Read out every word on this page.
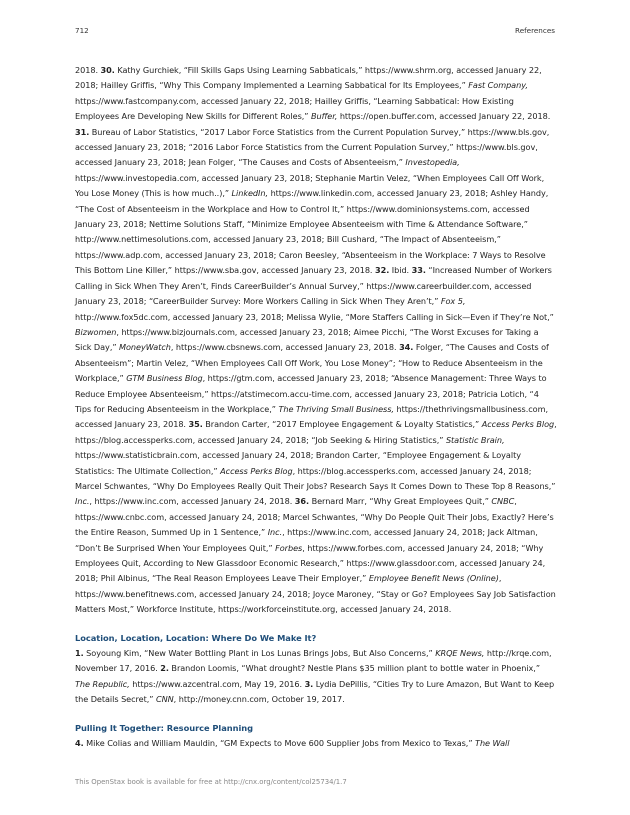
712	References

2018. 30. Kathy Gurchiek, “Fill Skills Gaps Using Learning Sabbaticals,” https://www.shrm.org, accessed January 22, 2018; Hailley Griffis, “Why This Company Implemented a Learning Sabbatical for Its Employees,” Fast Company, https://www.fastcompany.com, accessed January 22, 2018; Hailley Griffis, “Learning Sabbatical: How Existing Employees Are Developing New Skills for Different Roles,” Buffer, https://open.buffer.com, accessed January 22, 2018. 31. Bureau of Labor Statistics, “2017 Labor Force Statistics from the Current Population Survey,” https://www.bls.gov, accessed January 23, 2018; “2016 Labor Force Statistics from the Current Population Survey,” https://www.bls.gov, accessed January 23, 2018; Jean Folger, “The Causes and Costs of Absenteeism,” Investopedia, https://www.investopedia.com, accessed January 23, 2018; Stephanie Martin Velez, “When Employees Call Off Work, You Lose Money (This is how much..),” LinkedIn, https://www.linkedin.com, accessed January 23, 2018; Ashley Handy, “The Cost of Absenteeism in the Workplace and How to Control It,” https://www.dominionsystems.com, accessed January 23, 2018; Nettime Solutions Staff, “Minimize Employee Absenteeism with Time & Attendance Software,” http://www.nettimesolutions.com, accessed January 23, 2018; Bill Cushard, “The Impact of Absenteeism,” https://www.adp.com, accessed January 23, 2018; Caron Beesley, “Absenteeism in the Workplace: 7 Ways to Resolve This Bottom Line Killer,” https://www.sba.gov, accessed January 23, 2018. 32. Ibid. 33. “Increased Number of Workers Calling in Sick When They Aren’t, Finds CareerBuilder’s Annual Survey,” https://www.careerbuilder.com, accessed January 23, 2018; “CareerBuilder Survey: More Workers Calling in Sick When They Aren’t,” Fox 5, http://www.fox5dc.com, accessed January 23, 2018; Melissa Wylie, “More Staffers Calling in Sick—Even if They’re Not,” Bizwomen, https://www.bizjournals.com, accessed January 23, 2018; Aimee Picchi, “The Worst Excuses for Taking a Sick Day,” MoneyWatch, https://www.cbsnews.com, accessed January 23, 2018. 34. Folger, “The Causes and Costs of Absenteeism”; Martin Velez, “When Employees Call Off Work, You Lose Money”; “How to Reduce Absenteeism in the Workplace,” GTM Business Blog, https://gtm.com, accessed January 23, 2018; “Absence Management: Three Ways to Reduce Employee Absenteeism,” https://atstimecom.accu-time.com, accessed January 23, 2018; Patricia Lotich, “4 Tips for Reducing Absenteeism in the Workplace,” The Thriving Small Business, https://thethrivingsmallbusiness.com, accessed January 23, 2018. 35. Brandon Carter, “2017 Employee Engagement & Loyalty Statistics,” Access Perks Blog, https://blog.accessperks.com, accessed January 24, 2018; “Job Seeking & Hiring Statistics,” Statistic Brain, https://www.statisticbrain.com, accessed January 24, 2018; Brandon Carter, “Employee Engagement & Loyalty Statistics: The Ultimate Collection,” Access Perks Blog, https://blog.accessperks.com, accessed January 24, 2018; Marcel Schwantes, “Why Do Employees Really Quit Their Jobs? Research Says It Comes Down to These Top 8 Reasons,” Inc., https://www.inc.com, accessed January 24, 2018. 36. Bernard Marr, “Why Great Employees Quit,” CNBC, https://www.cnbc.com, accessed January 24, 2018; Marcel Schwantes, “Why Do People Quit Their Jobs, Exactly? Here’s the Entire Reason, Summed Up in 1 Sentence,” Inc., https://www.inc.com, accessed January 24, 2018; Jack Altman, “Don’t Be Surprised When Your Employees Quit,” Forbes, https://www.forbes.com, accessed January 24, 2018; “Why Employees Quit, According to New Glassdoor Economic Research,” https://www.glassdoor.com, accessed January 24, 2018; Phil Albinus, “The Real Reason Employees Leave Their Employer,” Employee Benefit News (Online), https://www.benefitnews.com, accessed January 24, 2018; Joyce Maroney, “Stay or Go? Employees Say Job Satisfaction Matters Most,” Workforce Institute, https://workforceinstitute.org, accessed January 24, 2018.

Location, Location, Location: Where Do We Make It?

1. Soyoung Kim, “New Water Bottling Plant in Los Lunas Brings Jobs, But Also Concerns,” KRQE News, http://krqe.com, November 17, 2016. 2. Brandon Loomis, “What drought? Nestle Plans $35 million plant to bottle water in Phoenix,” The Republic, https://www.azcentral.com, May 19, 2016. 3. Lydia DePillis, “Cities Try to Lure Amazon, But Want to Keep the Details Secret,” CNN, http://money.cnn.com, October 19, 2017.

Pulling It Together: Resource Planning

4. Mike Colias and William Mauldin, “GM Expects to Move 600 Supplier Jobs from Mexico to Texas,” The Wall

This OpenStax book is available for free at http://cnx.org/content/col25734/1.7
